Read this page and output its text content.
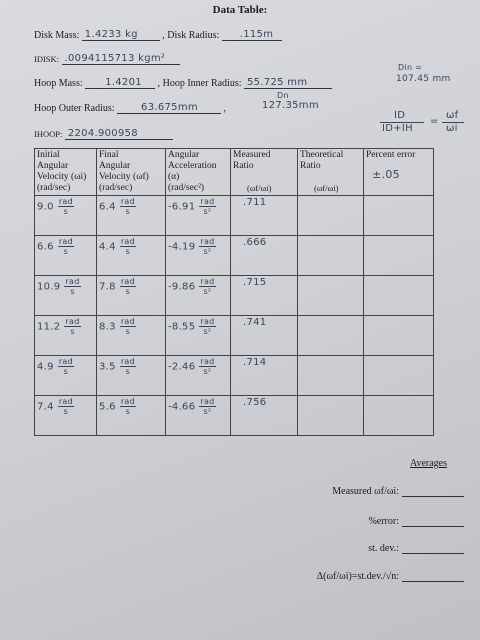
Data Table:
Disk Mass: 1.4233 kg , Disk Radius: .115m
IDISK: .0094115713 kgm²
Hoop Mass: 1.4201 , Hoop Inner Radius: 55.725 mm
Din =
107.45 mm
Hoop Outer Radius:	63.675mm	,
Dn
127.35mm
IHOOP: 2204.900958
ID
ID+IH
=
ωf
ωi
Initial
Angular
Velocity (ωi)
(rad/sec)	Final
Angular
Velocity (ωf)
(rad/sec)	Angular
Acceleration
(α)
(rad/sec²)	Measured
Ratio
(ωf/ωi)	Theoretical
Ratio
(ωf/ωi)	Percent error
±.05

9.0 rad
s	6.4 rad
s	-6.91 rad
s²	.711		
6.6 rad
s	4.4 rad
s	-4.19 rad
s²	.666		
10.9 rad
s	7.8 rad
s	-9.86 rad
s²	.715		
11.2 rad
s	8.3 rad
s	-8.55 rad
s²	.741		
4.9 rad
s	3.5 rad
s	-2.46 rad
s²	.714		
7.4 rad
s	5.6 rad
s	-4.66 rad
s²	.756		
Averages
Measured ωf/ωi:
%error:
st. dev.:
Δ(ωf/ωi)=st.dev./√n:
